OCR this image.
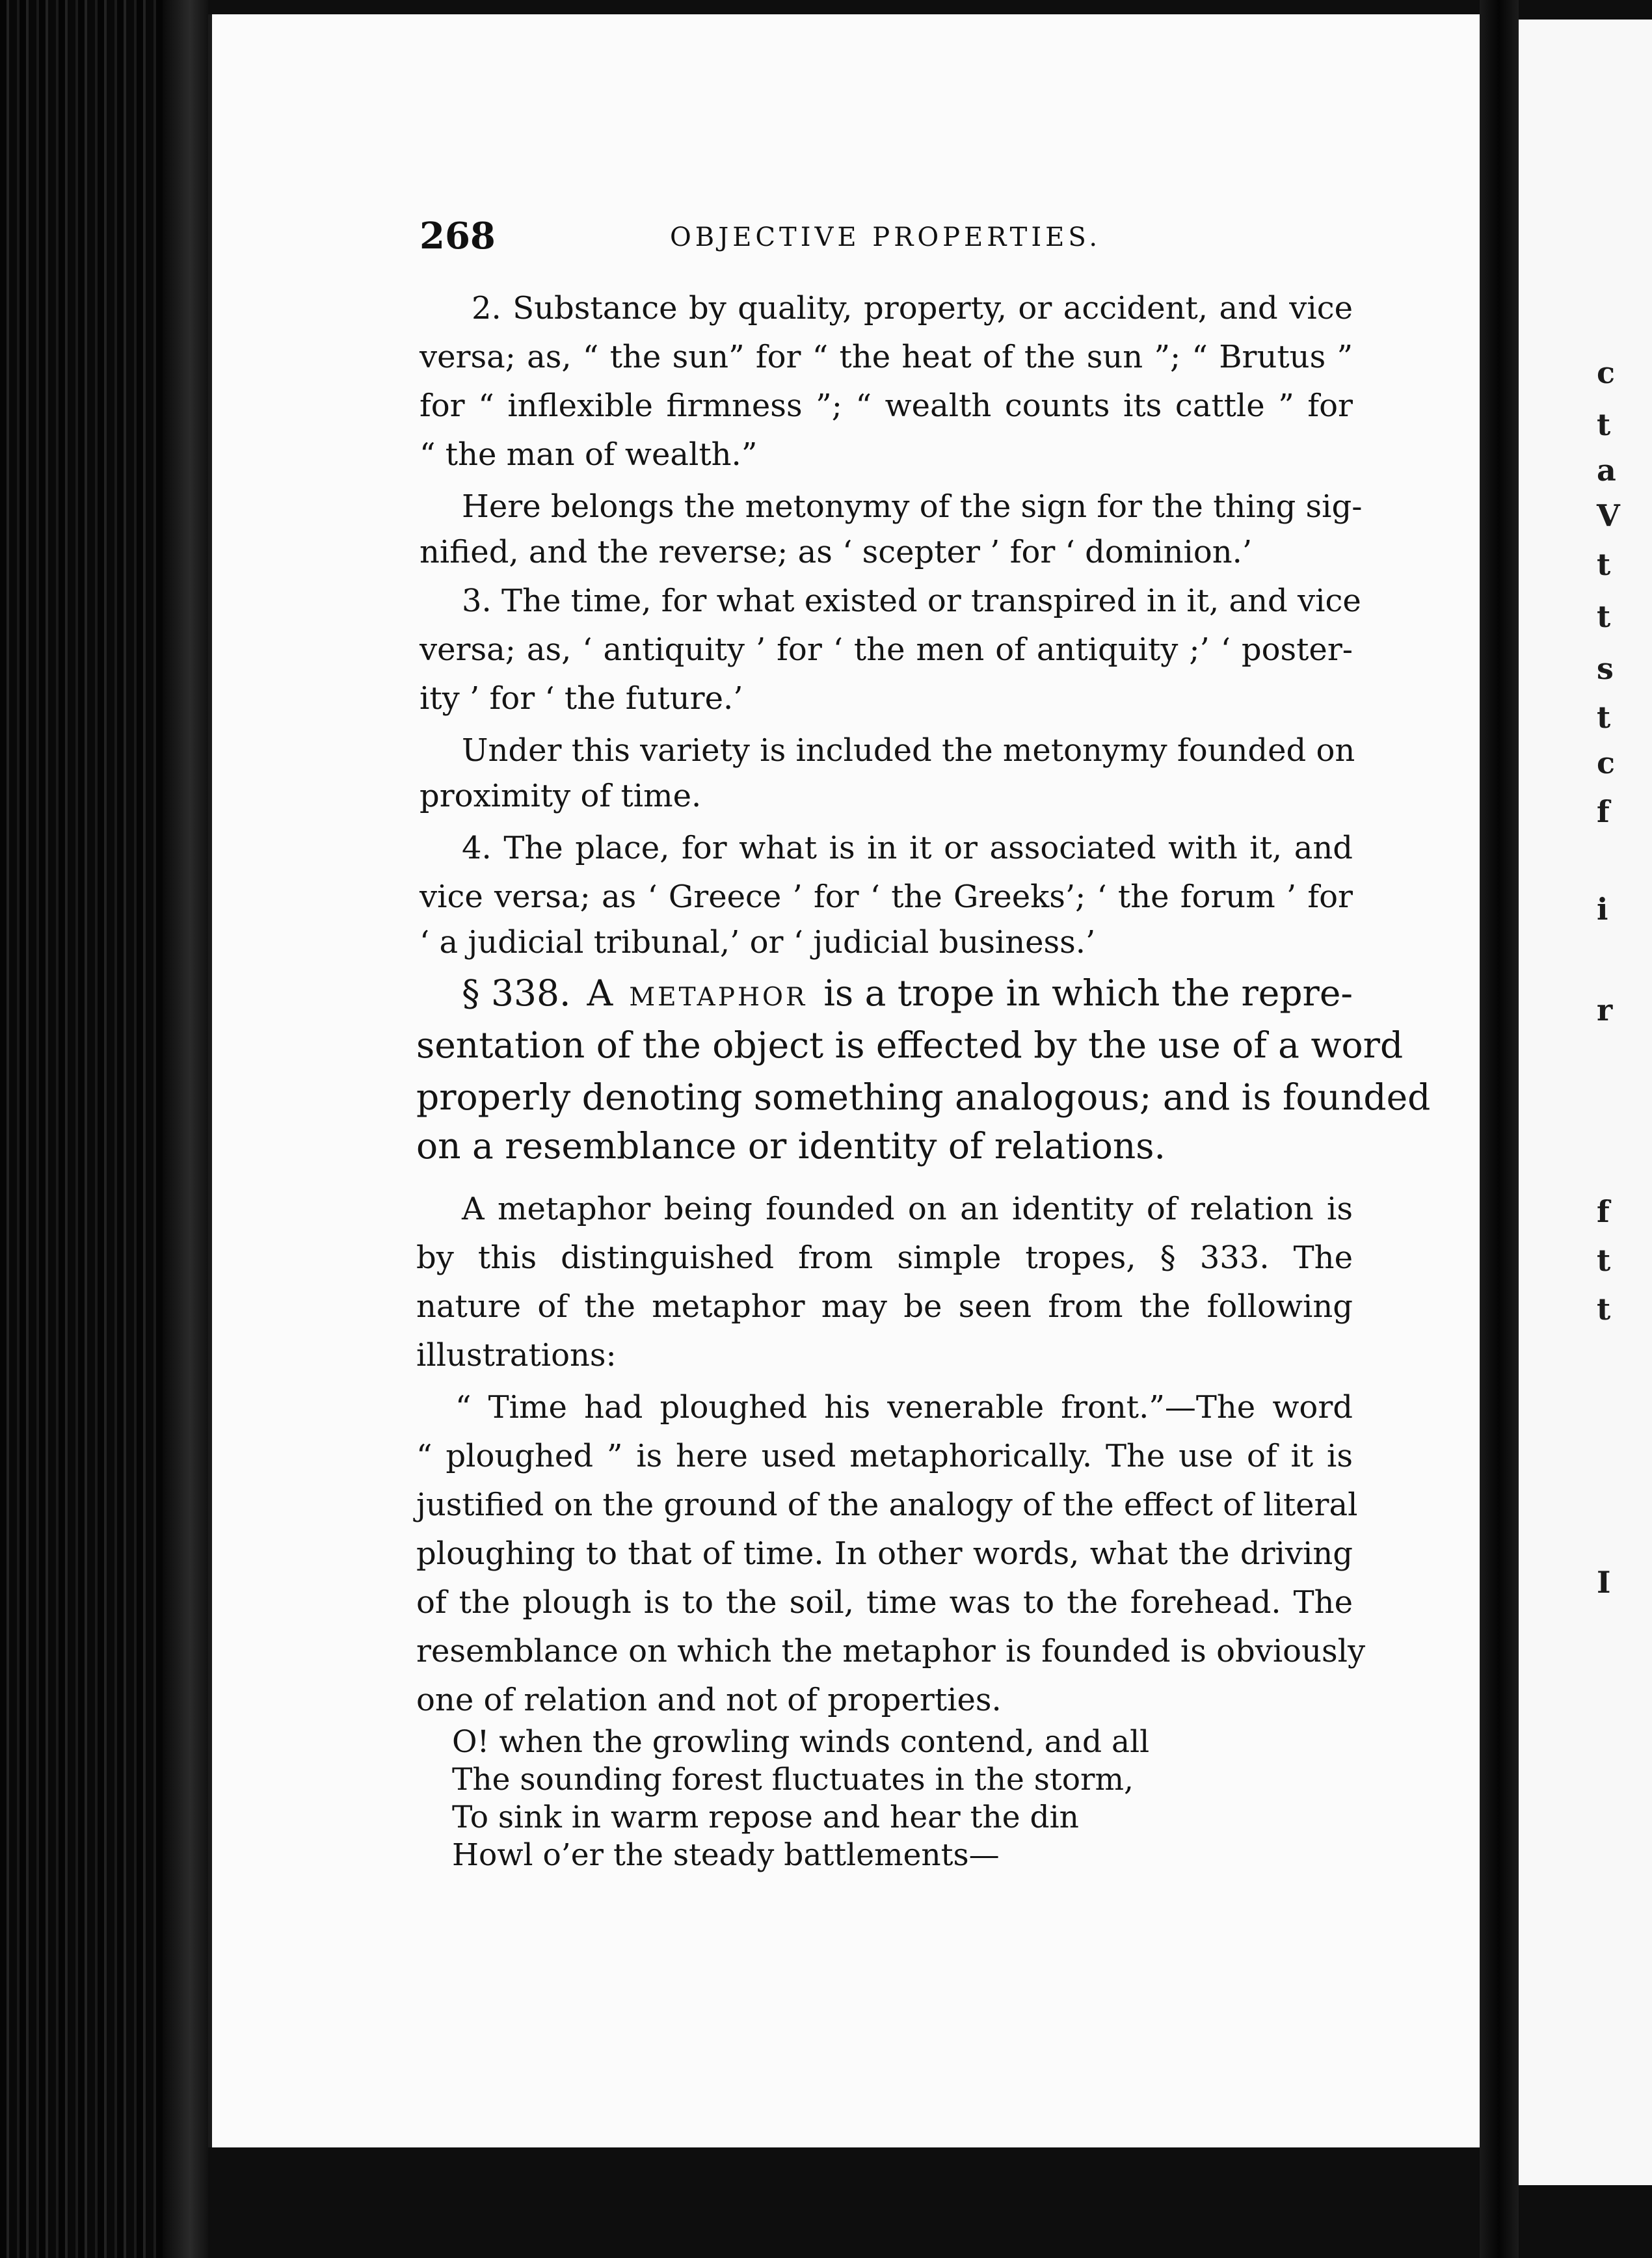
c
t
a
V
t
t
s
t
c
f
i
r
f
t
t
I
268	OBJECTIVE PROPERTIES.
2. Substance by quality, property, or accident, and vice
versa; as, “ the sun” for “ the heat of the sun ”; “ Brutus ”
for “ inflexible firmness ”; “ wealth counts its cattle ” for
“ the man of wealth.”
Here belongs the metonymy of the sign for the thing sig-
nified, and the reverse; as ‘ scepter ’ for ‘ dominion.’
3. The time, for what existed or transpired in it, and vice
versa; as, ‘ antiquity ’ for ‘ the men of antiquity ;’ ‘ poster-
ity ’ for ‘ the future.’
Under this variety is included the metonymy founded on
proximity of time.
4. The place, for what is in it or associated with it, and
vice versa; as ‘ Greece ’ for ‘ the Greeks’; ‘ the forum ’ for
‘ a judicial tribunal,’ or ‘ judicial business.’
§ 338. A metaphor is a trope in which the repre-
sentation of the object is effected by the use of a word
properly denoting something analogous; and is founded
on a resemblance or identity of relations.
A metaphor being founded on an identity of relation is
by this distinguished from simple tropes, § 333. The
nature of the metaphor may be seen from the following
illustrations:
“ Time had ploughed his venerable front.”—The word
“ ploughed ” is here used metaphorically. The use of it is
justified on the ground of the analogy of the effect of literal
ploughing to that of time. In other words, what the driving
of the plough is to the soil, time was to the forehead. The
resemblance on which the metaphor is founded is obviously
one of relation and not of properties.
O! when the growling winds contend, and all
The sounding forest fluctuates in the storm,
To sink in warm repose and hear the din
Howl o’er the steady battlements—
